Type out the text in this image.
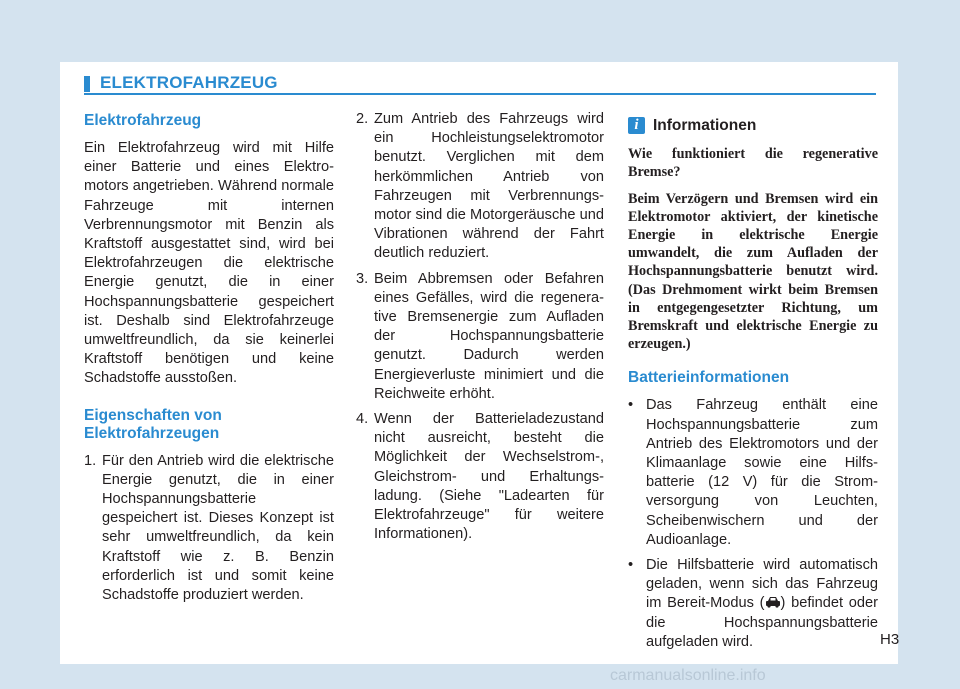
ELEKTROFAHRZEUG
Elektrofahrzeug

Ein Elektrofahrzeug wird mit Hilfe einer Batterie und eines Elektro-motors angetrieben. Während normale Fahrzeuge mit internen Verbrennungsmotor mit Benzin als Kraftstoff ausgestattet sind, wird bei Elektrofahrzeugen die elektrische Energie genutzt, die in einer Hochspannungsbatterie gespeichert ist. Deshalb sind Elektrofahrzeuge umweltfreundlich, da sie keinerlei Kraftstoff benötigen und keine Schadstoffe ausstoßen.

Eigenschaften von Elektrofahrzeugen
1. Für den Antrieb wird die elektrische Energie genutzt, die in einer Hochspannungsbatterie gespeichert ist. Dieses Konzept ist sehr umweltfreundlich, da kein Kraftstoff wie z. B. Benzin erforderlich ist und somit keine Schadstoffe produziert werden.
2. Zum Antrieb des Fahrzeugs wird ein Hochleistungselektromotor benutzt. Verglichen mit dem herkömmlichen Antrieb von Fahrzeugen mit Verbrennungs-motor sind die Motorgeräusche und Vibrationen während der Fahrt deutlich reduziert.
3. Beim Abbremsen oder Befahren eines Gefälles, wird die regenera-tive Bremsenergie zum Aufladen der Hochspannungsbatterie genutzt. Dadurch werden Energieverluste minimiert und die Reichweite erhöht.
4. Wenn der Batterieladezustand nicht ausreicht, besteht die Möglichkeit der Wechselstrom-, Gleichstrom- und Erhaltungs-ladung. (Siehe "Ladearten für Elektrofahrzeuge" für weitere Informationen).
i Informationen

Wie funktioniert die regenerative Bremse?

Beim Verzögern und Bremsen wird ein Elektromotor aktiviert, der kinetische Energie in elektrische Energie umwandelt, die zum Aufladen der Hochspannungsbatterie benutzt wird. (Das Drehmoment wirkt beim Bremsen in entgegengesetzter Richtung, um Bremskraft und elektrische Energie zu erzeugen.)

Batterieinformationen
• Das Fahrzeug enthält eine Hochspannungsbatterie zum Antrieb des Elektromotors und der Klimaanlage sowie eine Hilfs-batterie (12 V) für die Strom-versorgung von Leuchten, Scheibenwischern und der Audioanlage.
• Die Hilfsbatterie wird automatisch geladen, wenn sich das Fahrzeug im Bereit-Modus ( ) befindet oder die Hochspannungsbatterie aufgeladen wird.	H3
carmanualsonline.info
